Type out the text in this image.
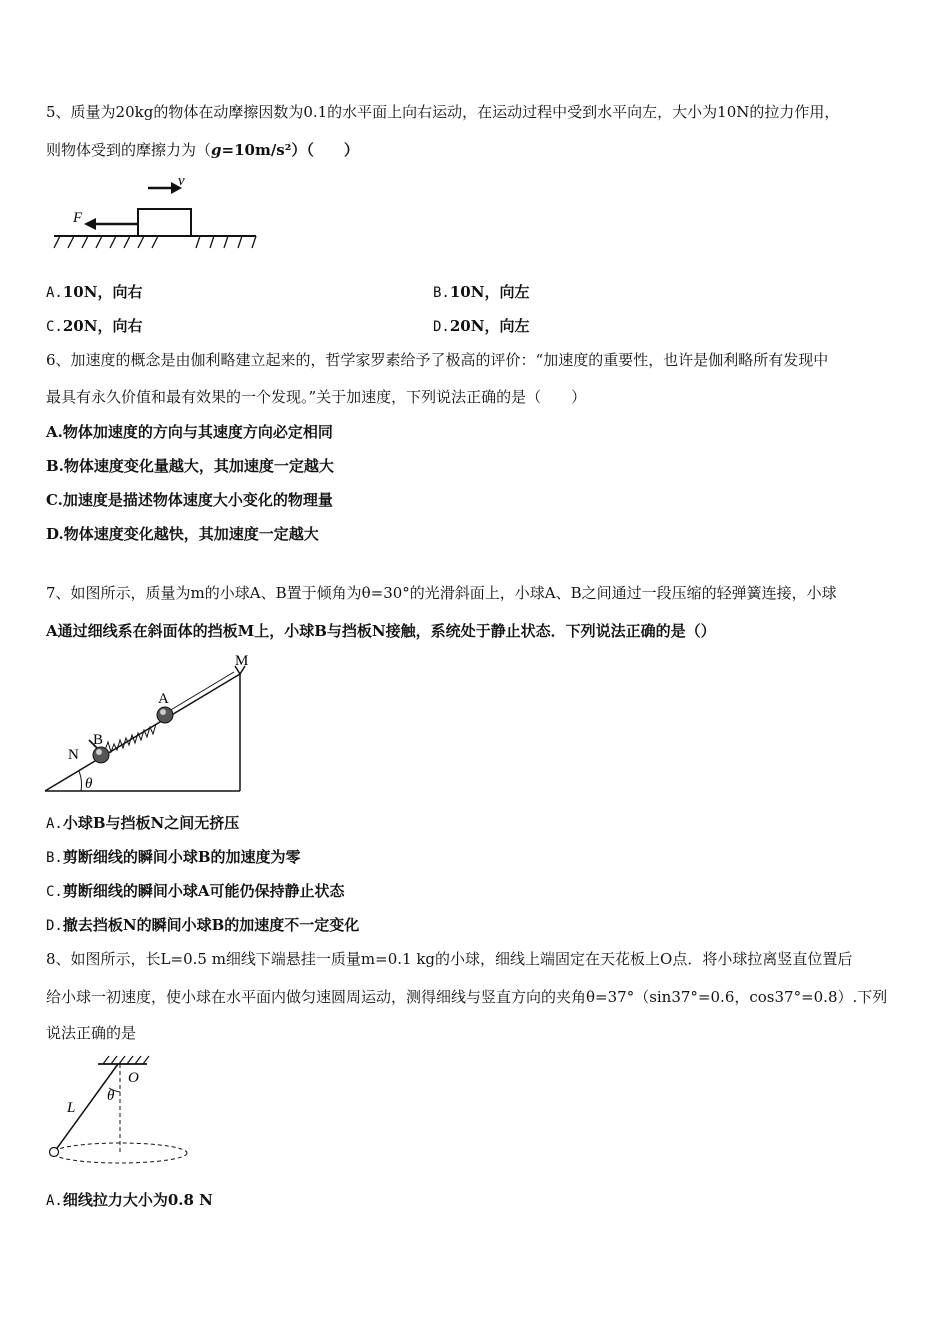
5、质量为20kg的物体在动摩擦因数为0.1的水平面上向右运动，在运动过程中受到水平向左，大小为10N的拉力作用，
则物体受到的摩擦力为（g=10m/s²）（　　）
F
v
A.10N，向右	B.10N，向左
C.20N，向右	D.20N，向左
6、加速度的概念是由伽利略建立起来的，哲学家罗素给予了极高的评价：“加速度的重要性，也许是伽利略所有发现中
最具有永久价值和最有效果的一个发现。”关于加速度，下列说法正确的是（　　）
A.物体加速度的方向与其速度方向必定相同
B.物体速度变化量越大，其加速度一定越大
C.加速度是描述物体速度大小变化的物理量
D.物体速度变化越快，其加速度一定越大
7、如图所示，质量为m的小球A、B置于倾角为θ=30°的光滑斜面上，小球A、B之间通过一段压缩的轻弹簧连接，小球
A通过细线系在斜面体的挡板M上，小球B与挡板N接触，系统处于静止状态．下列说法正确的是（）
M
A
B
N
θ
A.小球B与挡板N之间无挤压
B.剪断细线的瞬间小球B的加速度为零
C.剪断细线的瞬间小球A可能仍保持静止状态
D.撤去挡板N的瞬间小球B的加速度不一定变化
8、如图所示，长L=0.5 m细线下端悬挂一质量m=0.1 kg的小球，细线上端固定在天花板上O点．将小球拉离竖直位置后
给小球一初速度，使小球在水平面内做匀速圆周运动，测得细线与竖直方向的夹角θ=37°（sin37°=0.6，cos37°=0.8）.下列
说法正确的是
O
L
θ
A.细线拉力大小为0.8 N
